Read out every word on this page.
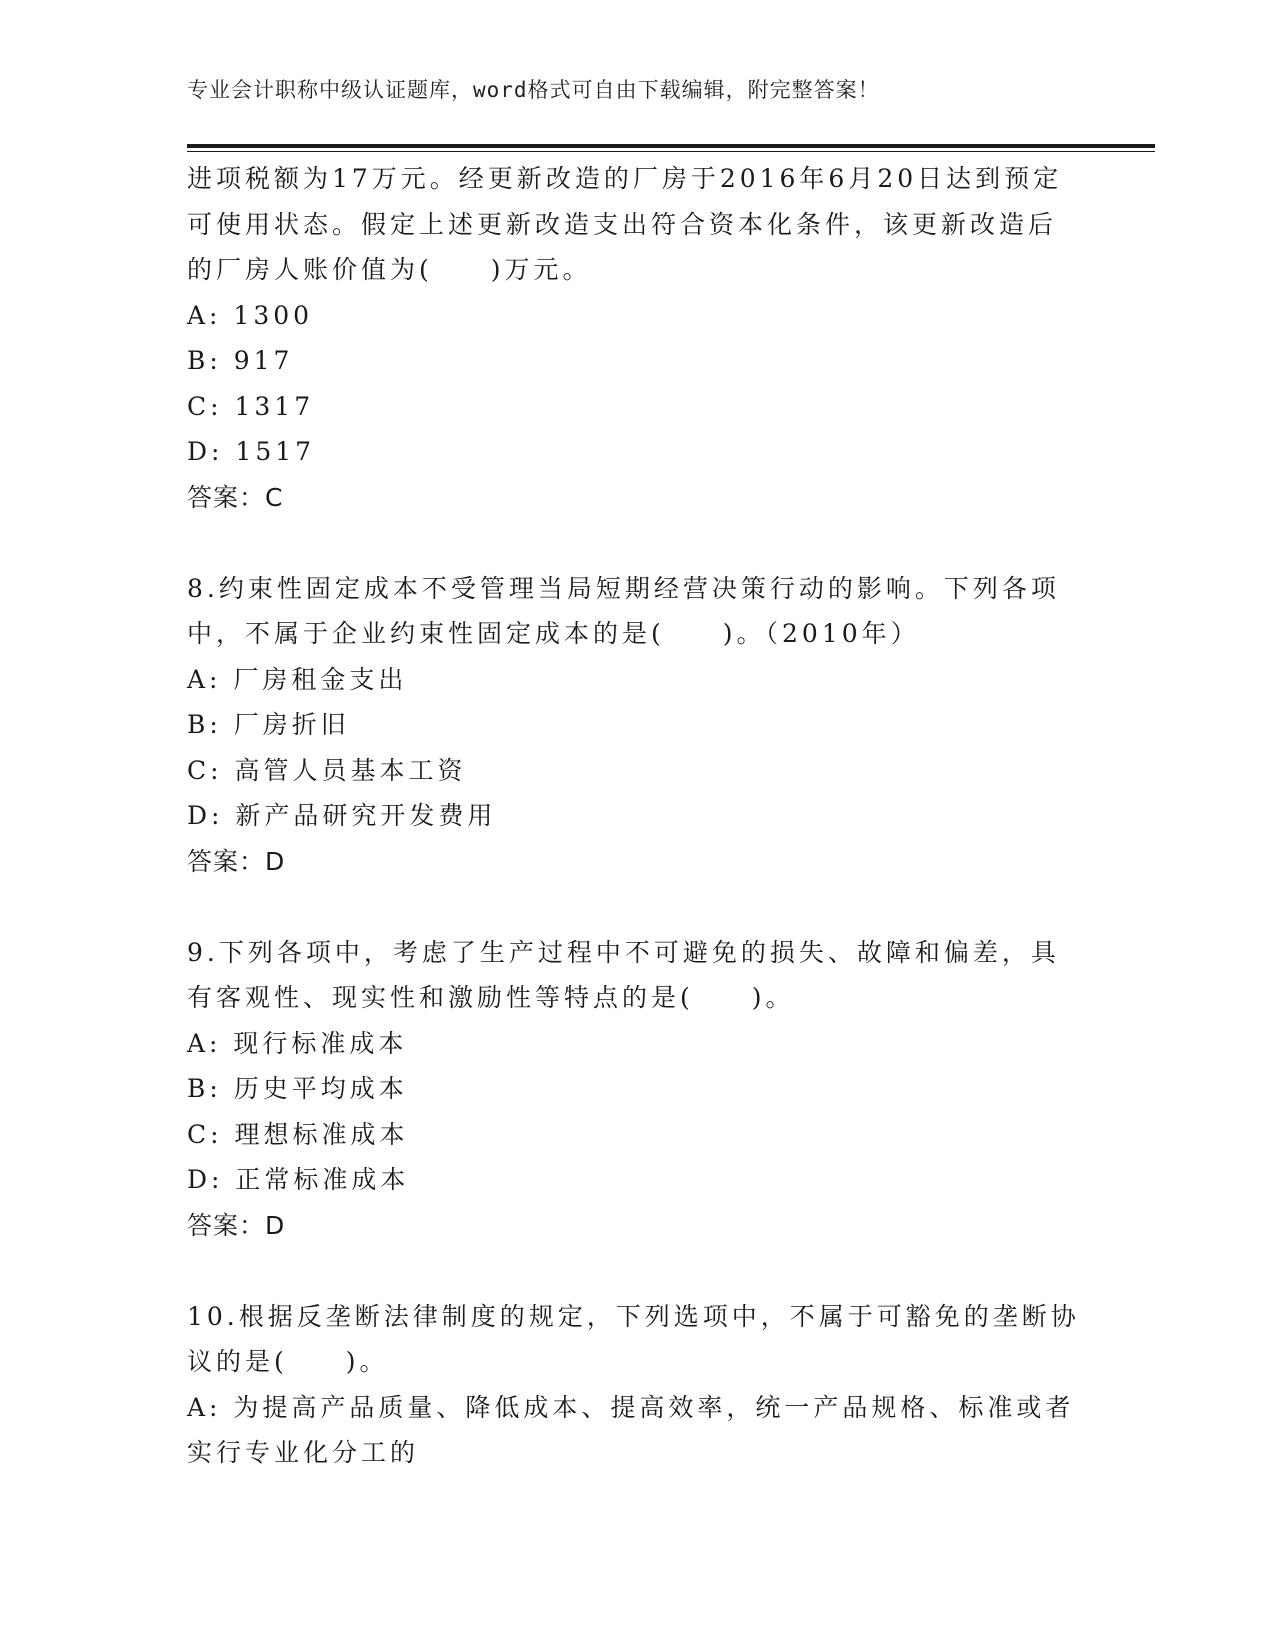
专业会计职称中级认证题库，word格式可自由下载编辑，附完整答案！
进项税额为17万元。经更新改造的厂房于2016年6月20日达到预定
可使用状态。假定上述更新改造支出符合资本化条件，该更新改造后
的厂房人账价值为(　　)万元。
A: 1300
B: 917
C: 1317
D: 1517
答案：C
8.约束性固定成本不受管理当局短期经营决策行动的影响。下列各项
中，不属于企业约束性固定成本的是(　　)。（2010年）
A: 厂房租金支出
B: 厂房折旧
C: 高管人员基本工资
D: 新产品研究开发费用
答案：D
9.下列各项中，考虑了生产过程中不可避免的损失、故障和偏差，具
有客观性、现实性和激励性等特点的是(　　)。
A: 现行标准成本
B: 历史平均成本
C: 理想标准成本
D: 正常标准成本
答案：D
10.根据反垄断法律制度的规定，下列选项中，不属于可豁免的垄断协
议的是(　　)。
A: 为提高产品质量、降低成本、提高效率，统一产品规格、标准或者
实行专业化分工的
